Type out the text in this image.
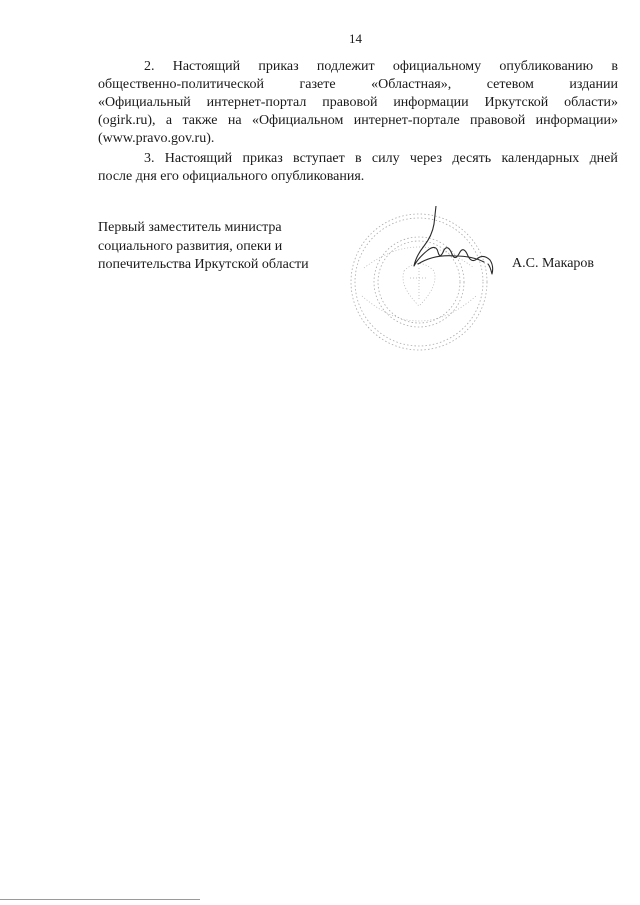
14
2. Настоящий приказ подлежит официальному опубликованию в
общественно-политической	газете	«Областная»,	сетевом	издании
«Официальный интернет-портал правовой информации Иркутской области»
(ogirk.ru), а также на «Официальном интернет-портале правовой информации»
(www.pravo.gov.ru).
3. Настоящий приказ вступает в силу через десять календарных дней
после дня его официального опубликования.
Первый заместитель министра
социального развития, опеки и
попечительства Иркутской области	А.С. Макаров
